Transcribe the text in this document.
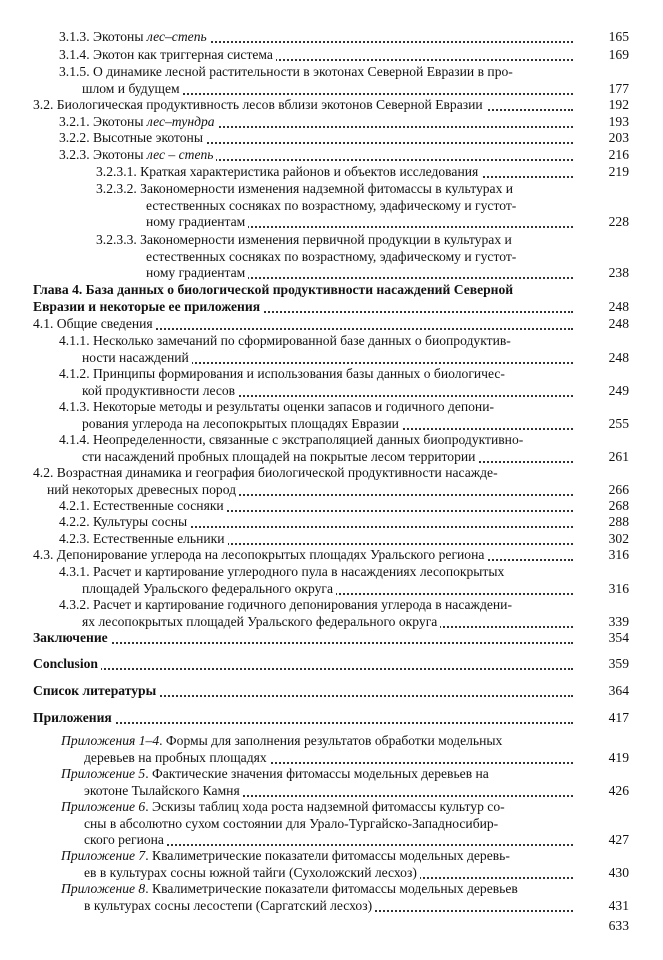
3.1.3. Экотоны лес–степь	165
3.1.4. Экотон как триггерная система	169
3.1.5. О динамике лесной растительности в экотонах Северной Евразии в про-
шлом и будущем	177
3.2. Биологическая продуктивность лесов вблизи экотонов Северной Евразии	192
3.2.1. Экотоны лес–тундра	193
3.2.2. Высотные экотоны	203
3.2.3. Экотоны лес – степь	216
3.2.3.1. Краткая характеристика районов и объектов исследования	219
3.2.3.2. Закономерности изменения надземной фитомассы в культурах и
естественных сосняках по возрастному, эдафическому и густот-
ному градиентам	228
3.2.3.3. Закономерности изменения первичной продукции в культурах и
естественных сосняках по возрастному, эдафическому и густот-
ному градиентам	238
Глава 4. База данных о биологической продуктивности насаждений Северной
Евразии и некоторые ее приложения	248
4.1. Общие сведения	248
4.1.1. Несколько замечаний по сформированной базе данных о биопродуктив-
ности насаждений	248
4.1.2. Принципы формирования и использования базы данных о биологичес-
кой продуктивности лесов	249
4.1.3. Некоторые методы и результаты оценки запасов и годичного депони-
рования углерода на лесопокрытых площадях Евразии	255
4.1.4. Неопределенности, связанные с экстраполяцией данных биопродуктивно-
сти насаждений пробных площадей на покрытые лесом территории	261
4.2. Возрастная динамика и география биологической продуктивности насажде-
ний некоторых древесных пород	266
4.2.1. Естественные сосняки	268
4.2.2. Культуры сосны	288
4.2.3. Естественные ельники	302
4.3. Депонирование углерода на лесопокрытых площадях Уральского региона	316
4.3.1. Расчет и картирование углеродного пула в насаждениях лесопокрытых
площадей Уральского федерального округа	316
4.3.2. Расчет и картирование годичного депонирования углерода в насаждени-
ях лесопокрытых площадей Уральского федерального округа	339
Заключение	354
Conclusion	359
Список литературы	364
Приложения	417
Приложения 1–4. Формы для заполнения результатов обработки модельных
деревьев на пробных площадях	419
Приложение 5. Фактические значения фитомассы модельных деревьев на
экотоне Тылайского Камня	426
Приложение 6. Эскизы таблиц хода роста надземной фитомассы культур со-
сны в абсолютно сухом состоянии для Урало-Тургайско-Западносибир-
ского региона	427
Приложение 7. Квалиметрические показатели фитомассы модельных деревь-
ев в культурах сосны южной тайги (Сухоложский лесхоз)	430
Приложение 8. Квалиметрические показатели фитомассы модельных деревьев
в культурах сосны лесостепи (Саргатский лесхоз)	431
633
